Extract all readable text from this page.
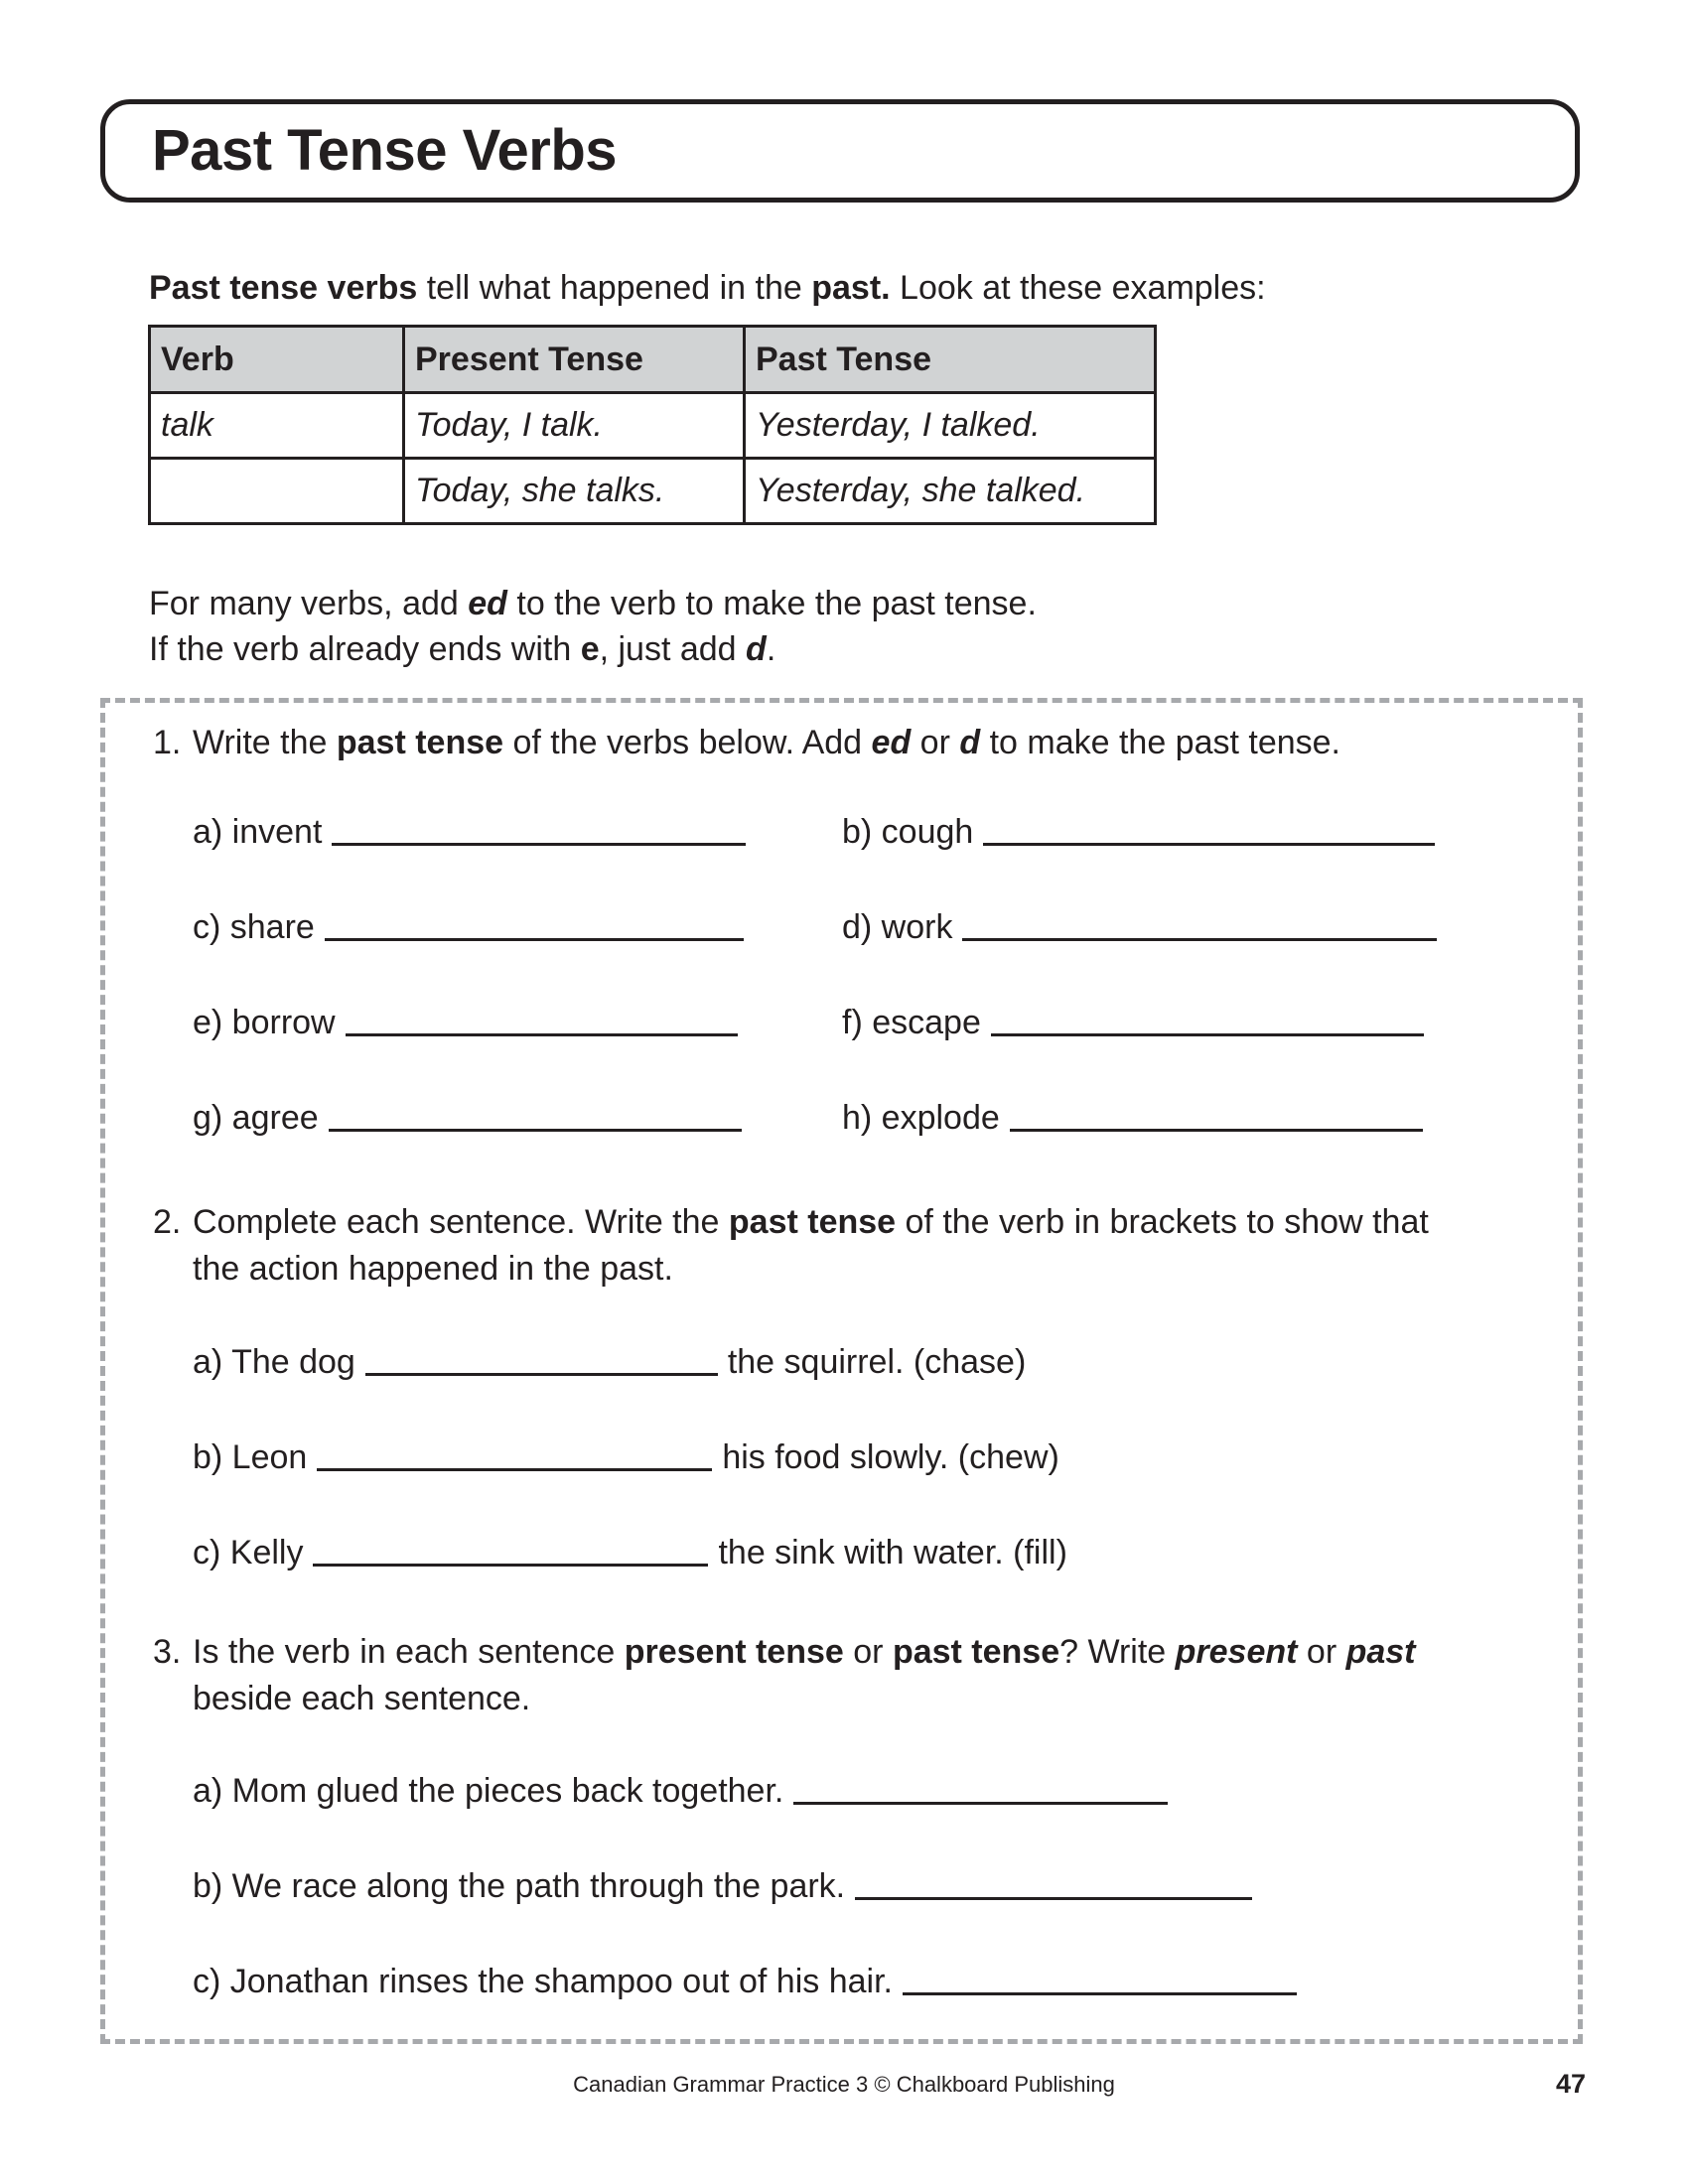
Past Tense Verbs
Past tense verbs tell what happened in the past. Look at these examples:
Verb	Present Tense	Past Tense
talk	Today, I talk.	Yesterday, I talked.
	Today, she talks.	Yesterday, she talked.

For many verbs, add ed to the verb to make the past tense.

If the verb already ends with e, just add d.

1. Write the past tense of the verbs below. Add ed or d to make the past tense.
a) invent	b) cough
c) share	d) work
e) borrow	f) escape
g) agree	h) explode
2. Complete each sentence. Write the past tense of the verb in brackets to show that
the action happened in the past.
a) The dog	the squirrel. (chase)
b) Leon	his food slowly. (chew)
c) Kelly	the sink with water. (fill)
3. Is the verb in each sentence present tense or past tense? Write present or past
beside each sentence.
a) Mom glued the pieces back together.
b) We race along the path through the park.
c) Jonathan rinses the shampoo out of his hair.
Canadian Grammar Practice 3 © Chalkboard Publishing	47
